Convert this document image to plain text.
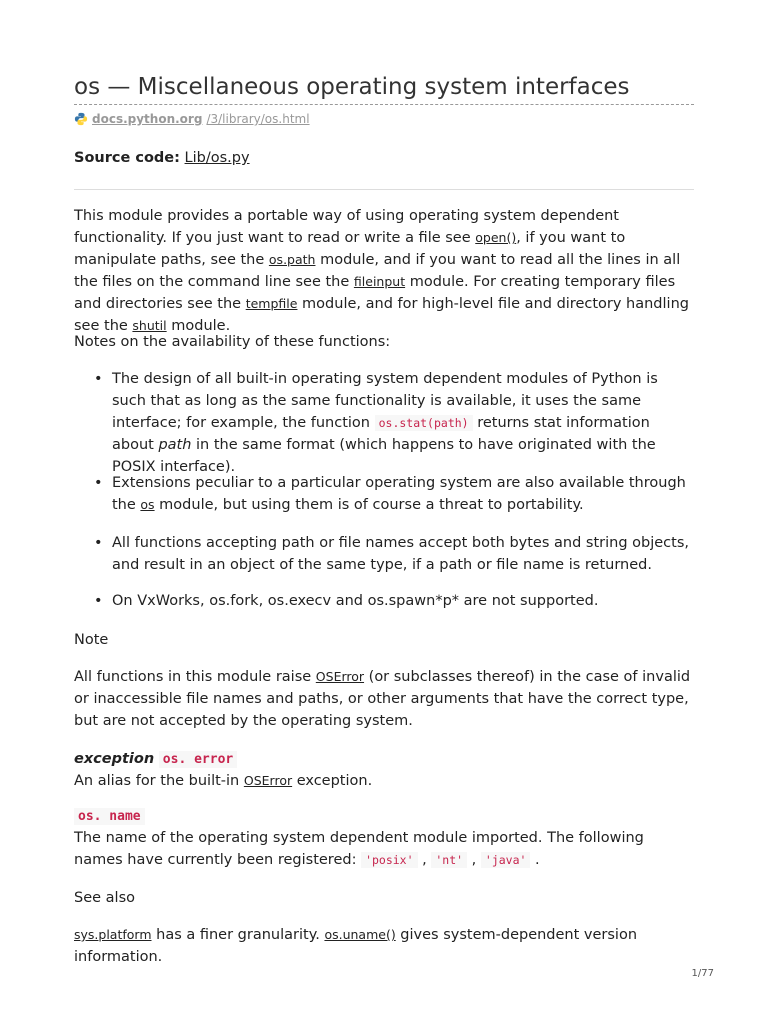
os — Miscellaneous operating system interfaces
docs.python.org /3/library/os.html
Source code: Lib/os.py
This module provides a portable way of using operating system dependent functionality. If you just want to read or write a file see open(), if you want to manipulate paths, see the os.path module, and if you want to read all the lines in all the files on the command line see the fileinput module. For creating temporary files and directories see the tempfile module, and for high-level file and directory handling see the shutil module.
Notes on the availability of these functions:
• The design of all built-in operating system dependent modules of Python is such that as long as the same functionality is available, it uses the same interface; for example, the function os.stat(path) returns stat information about path in the same format (which happens to have originated with the POSIX interface).
• Extensions peculiar to a particular operating system are also available through the os module, but using them is of course a threat to portability.
• All functions accepting path or file names accept both bytes and string objects, and result in an object of the same type, if a path or file name is returned.
• On VxWorks, os.fork, os.execv and os.spawn*p* are not supported.
Note
All functions in this module raise OSError (or subclasses thereof) in the case of invalid or inaccessible file names and paths, or other arguments that have the correct type, but are not accepted by the operating system.
exception os. error
An alias for the built-in OSError exception.
os. name
The name of the operating system dependent module imported. The following names have currently been registered: 'posix' , 'nt' , 'java' .
See also
sys.platform has a finer granularity. os.uname() gives system-dependent version information.
1/77
